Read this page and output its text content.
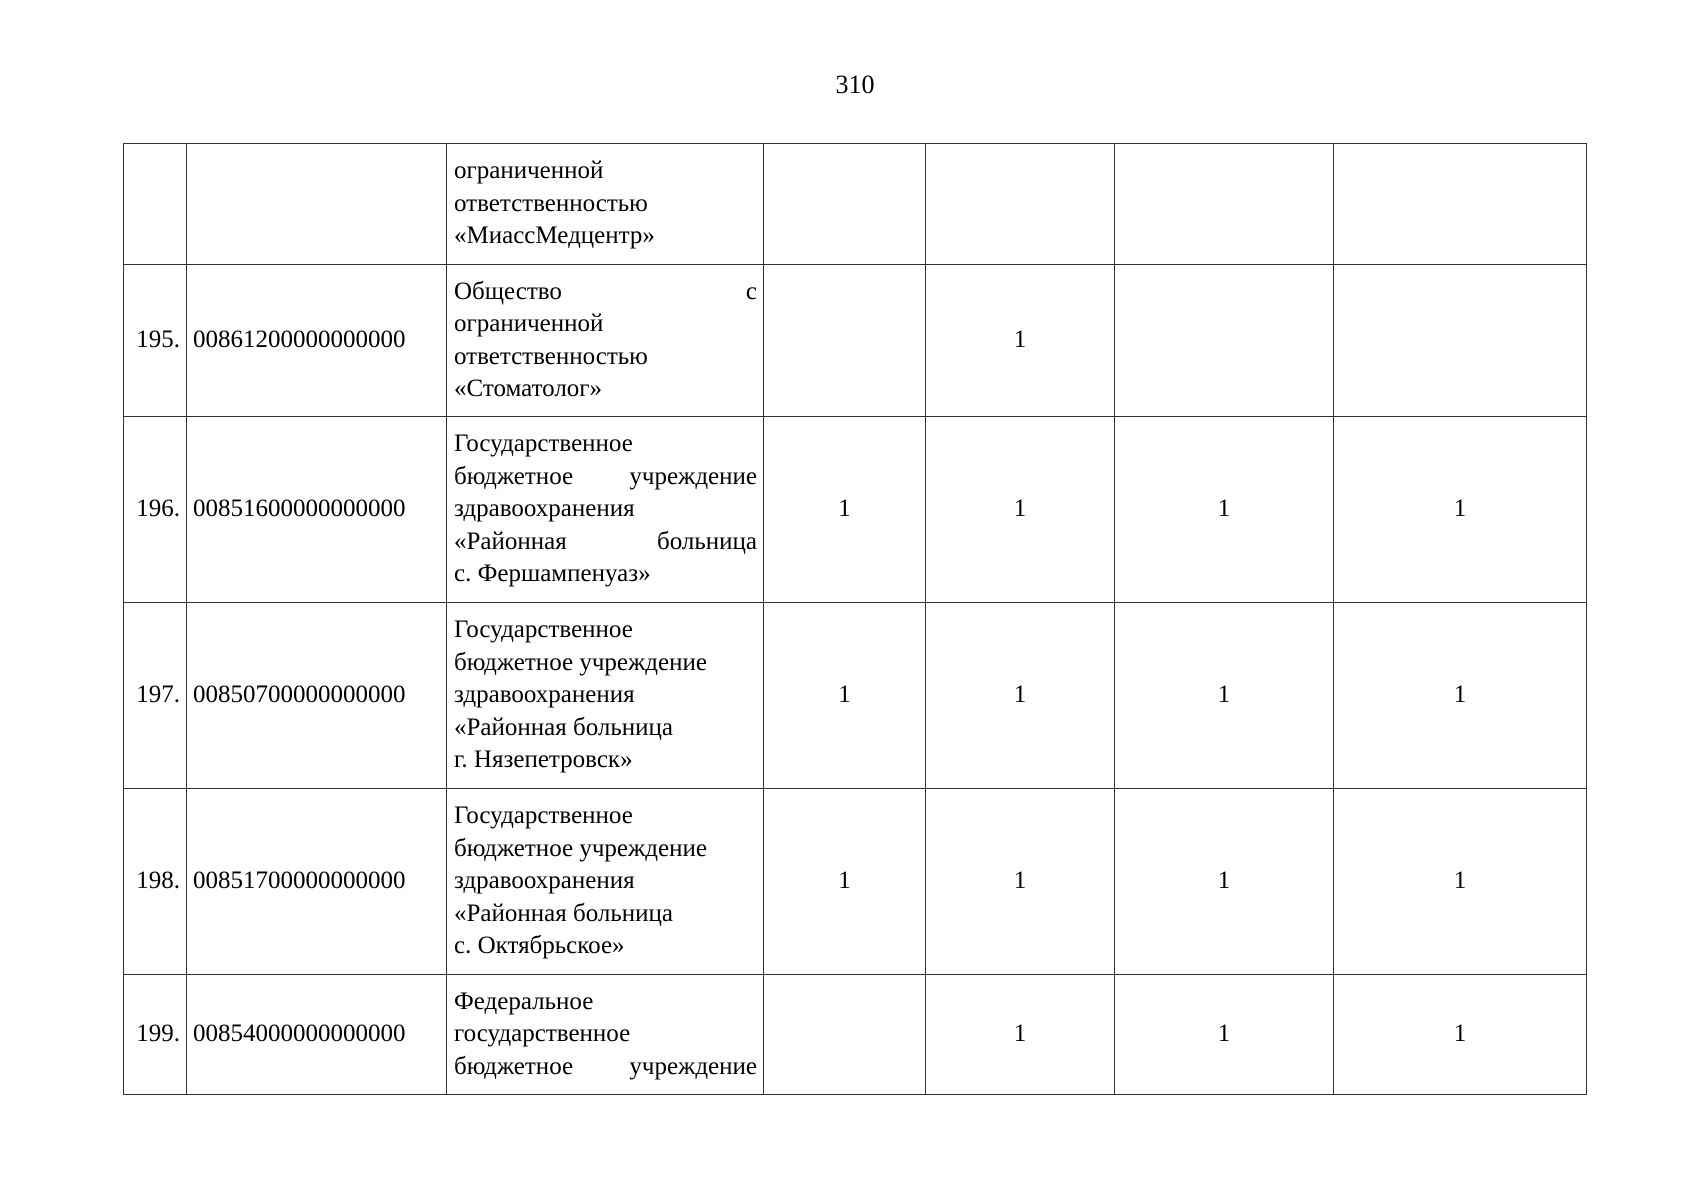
310

		ограниченной
ответственностью
«МиассМедцентр»				

195.	00861200000000000	Общество с
ограниченной
ответственностью
«Стоматолог»		1		
196.	00851600000000000	Государственное
бюджетное учреждение
здравоохранения
«Районная больница
с. Фершампенуаз»	1	1	1	1
197.	00850700000000000	Государственное
бюджетное учреждение
здравоохранения
«Районная больница
г. Нязепетровск»	1	1	1	1
198.	00851700000000000	Государственное
бюджетное учреждение
здравоохранения
«Районная больница
с. Октябрьское»	1	1	1	1
199.	00854000000000000	Федеральное
государственное
бюджетное учреждение		1	1	1
